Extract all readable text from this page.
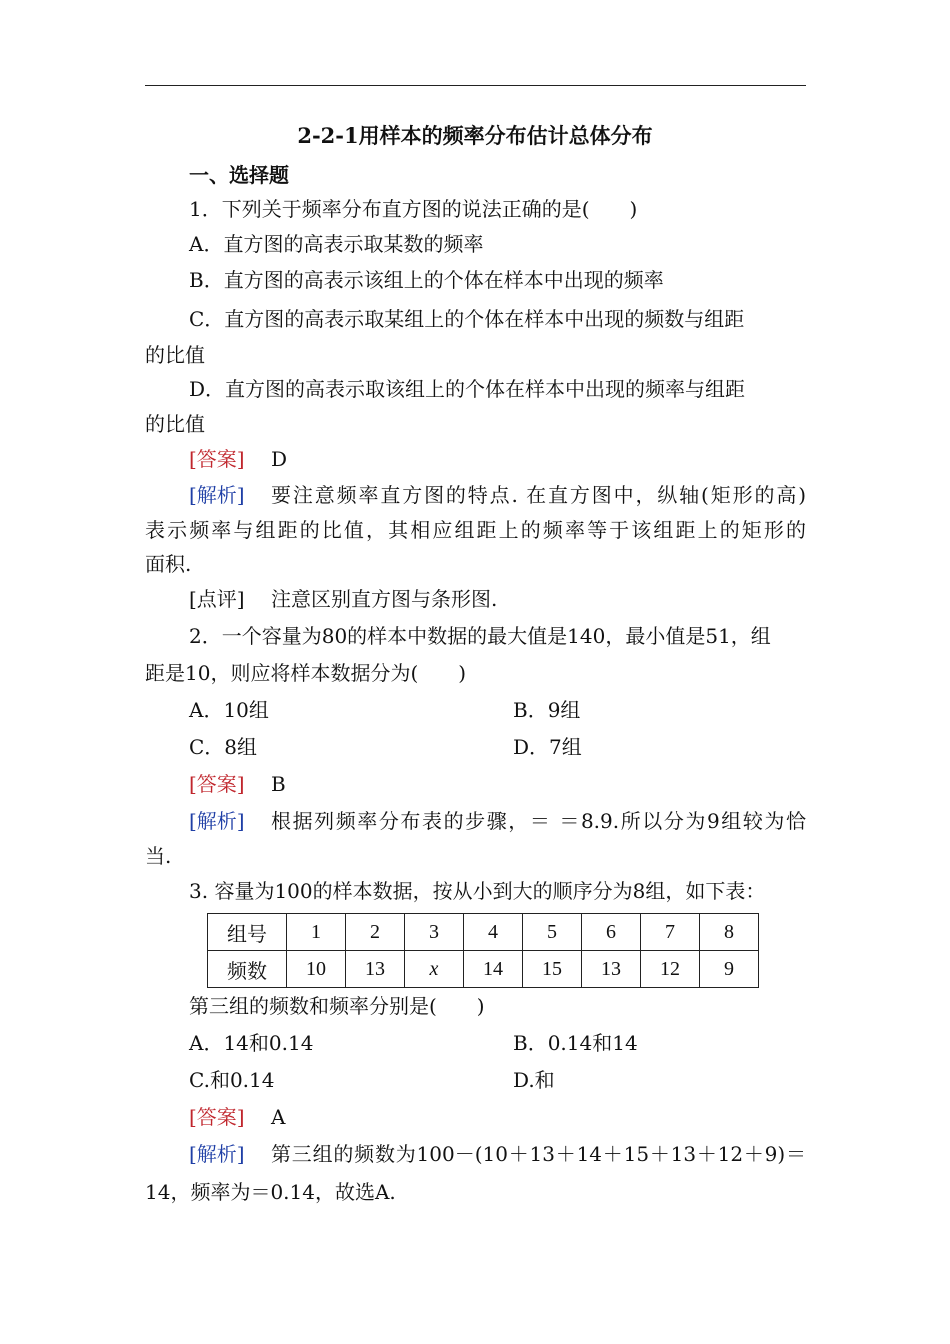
2-2-1用样本的频率分布估计总体分布
一、选择题
1．下列关于频率分布直方图的说法正确的是(　　)
A．直方图的高表示取某数的频率
B．直方图的高表示该组上的个体在样本中出现的频率
C．直方图的高表示取某组上的个体在样本中出现的频数与组距
的比值
D．直方图的高表示取该组上的个体在样本中出现的频率与组距
的比值
[答案] D
[解析] 要注意频率直方图的特点. 在直方图中，纵轴(矩形的高)
表示频率与组距的比值，其相应组距上的频率等于该组距上的矩形的
面积.
[点评] 注意区别直方图与条形图.
2．一个容量为80的样本中数据的最大值是140，最小值是51，组
距是10，则应将样本数据分为(　　)
A．10组	B．9组
C．8组	D．7组
[答案] B
[解析] 根据列频率分布表的步骤，＝ ＝8.9.所以分为9组较为恰
当.
3. 容量为100的样本数据，按从小到大的顺序分为8组，如下表：
组号	1	2	3	4	5	6	7	8
频数	10	13	x	14	15	13	12	9
第三组的频数和频率分别是(　　)
A．14和0.14	B．0.14和14
C.和0.14	D.和
[答案] A
[解析] 第三组的频数为100－(10＋13＋14＋15＋13＋12＋9)＝
14，频率为＝0.14，故选A.
